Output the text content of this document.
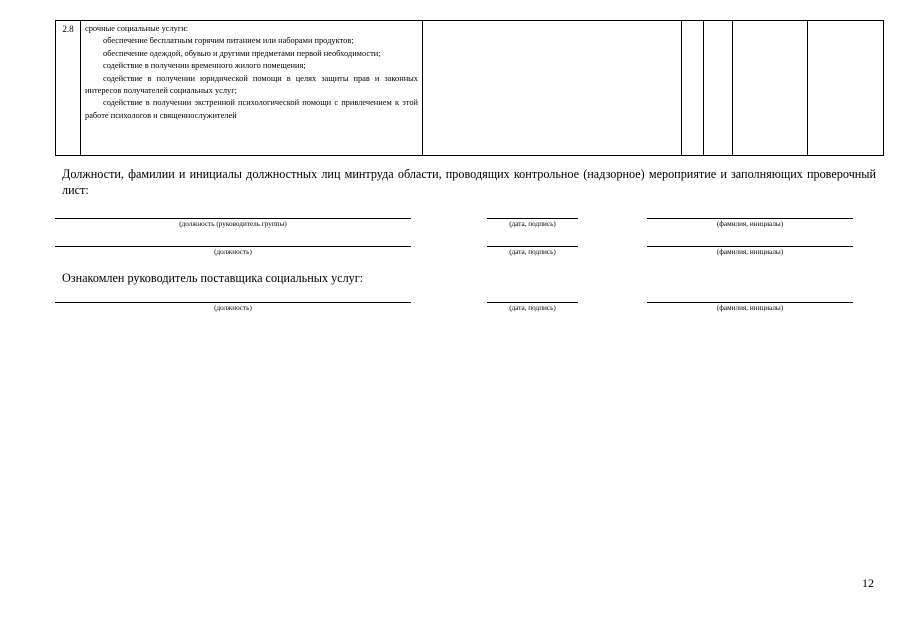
2.8	срочные социальные услуги:
обеспечение бесплатным горячим питанием или наборами продуктов;
обеспечение одеждой, обувью и другими предметами первой необходимости;
содействие в получении временного жилого помещения;
содействие в получении юридической помощи в целях защиты прав и законных интересов получателей социальных услуг;
содействие в получении экстренной психологической помощи с привлечением к этой работе психологов и священнослужителей

Должности, фамилии и инициалы должностных лиц минтруда области, проводящих контрольное (надзорное) мероприятие и заполняющих проверочный лист:
(должность (руководитель группы)	(дата, подпись)	(фамилия, инициалы)
(должность)	(дата, подпись)	(фамилия, инициалы)
Ознакомлен руководитель поставщика социальных услуг:
(должность)	(дата, подпись)	(фамилия, инициалы)
12
